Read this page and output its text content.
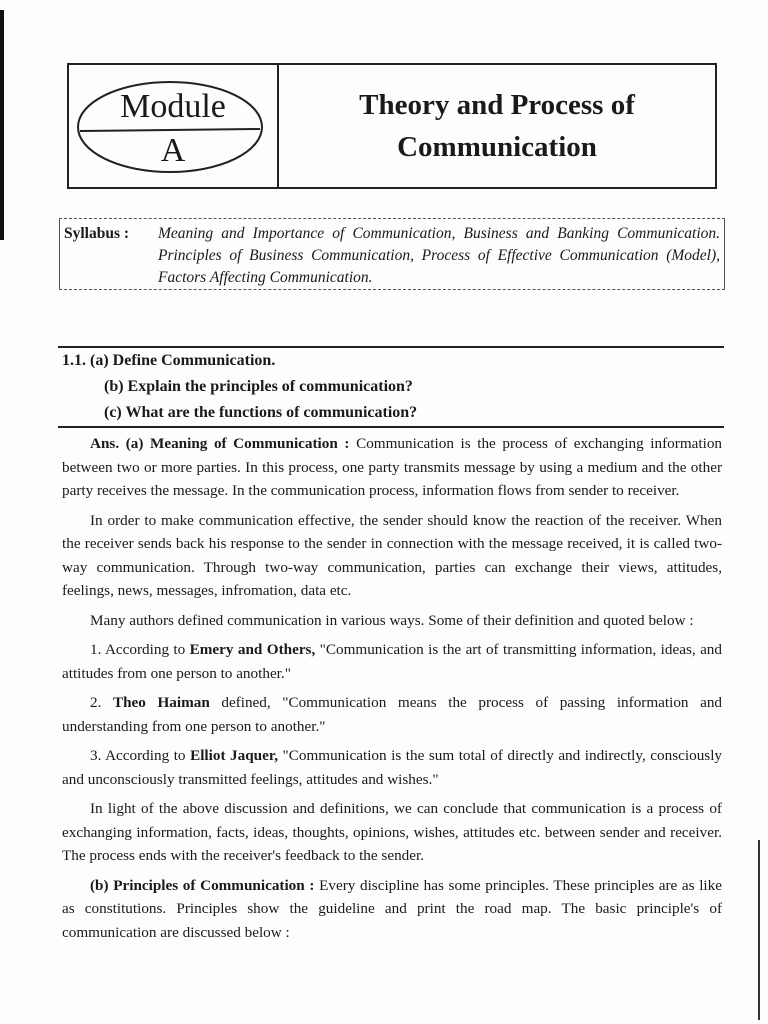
Module
A
Theory and Process of
Communication
Syllabus : Meaning and Importance of Communication, Business and Banking Communication. Principles of Business Communication, Process of Effective Communication (Model), Factors Affecting Communication.
1.1. (a) Define Communication.
(b) Explain the principles of communication?
(c) What are the functions of communication?

Ans. (a) Meaning of Communication : Communication is the process of exchanging information between two or more parties. In this process, one party transmits message by using a medium and the other party receives the message. In the communication process, information flows from sender to receiver.

In order to make communication effective, the sender should know the reaction of the receiver. When the receiver sends back his response to the sender in connection with the message received, it is called two-way communication. Through two-way communication, parties can exchange their views, attitudes, feelings, news, messages, infromation, data etc.

Many authors defined communication in various ways. Some of their definition and quoted below :

1. According to Emery and Others, "Communication is the art of transmitting information, ideas, and attitudes from one person to another."

2. Theo Haiman defined, "Communication means the process of passing information and understanding from one person to another."

3. According to Elliot Jaquer, "Communication is the sum total of directly and indirectly, consciously and unconsciously transmitted feelings, attitudes and wishes."

In light of the above discussion and definitions, we can conclude that communication is a process of exchanging information, facts, ideas, thoughts, opinions, wishes, attitudes etc. between sender and receiver. The process ends with the receiver's feedback to the sender.

(b) Principles of Communication : Every discipline has some principles. These principles are as like as constitutions. Principles show the guideline and print the road map. The basic principle's of communication are discussed below :
